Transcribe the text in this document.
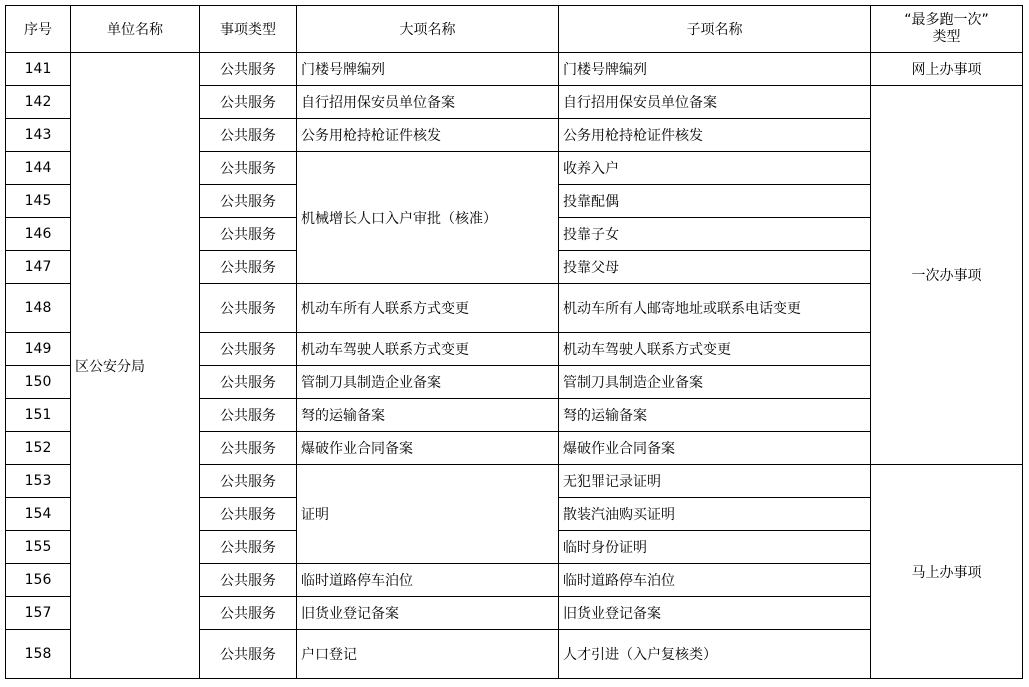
序号	单位名称	事项类型	大项名称	子项名称	“最多跑一次”
类型

141	区公安分局	公共服务	门楼号牌编列	门楼号牌编列	网上办事项
142		公共服务	自行招用保安员单位备案	自行招用保安员单位备案	一次办事项
143		公共服务	公务用枪持枪证件核发	公务用枪持枪证件核发	
144		公共服务	机械增长人口入户审批（核准）	收养入户	
145		公共服务		投靠配偶	
146		公共服务		投靠子女	
147		公共服务		投靠父母	
148		公共服务	机动车所有人联系方式变更	机动车所有人邮寄地址或联系电话变更	
149		公共服务	机动车驾驶人联系方式变更	机动车驾驶人联系方式变更	
150		公共服务	管制刀具制造企业备案	管制刀具制造企业备案	
151		公共服务	弩的运输备案	弩的运输备案	
152		公共服务	爆破作业合同备案	爆破作业合同备案	
153		公共服务	证明	无犯罪记录证明	马上办事项
154		公共服务		散装汽油购买证明	
155		公共服务		临时身份证明	
156		公共服务	临时道路停车泊位	临时道路停车泊位	
157		公共服务	旧货业登记备案	旧货业登记备案	
158		公共服务	户口登记	人才引进（入户复核类）	
